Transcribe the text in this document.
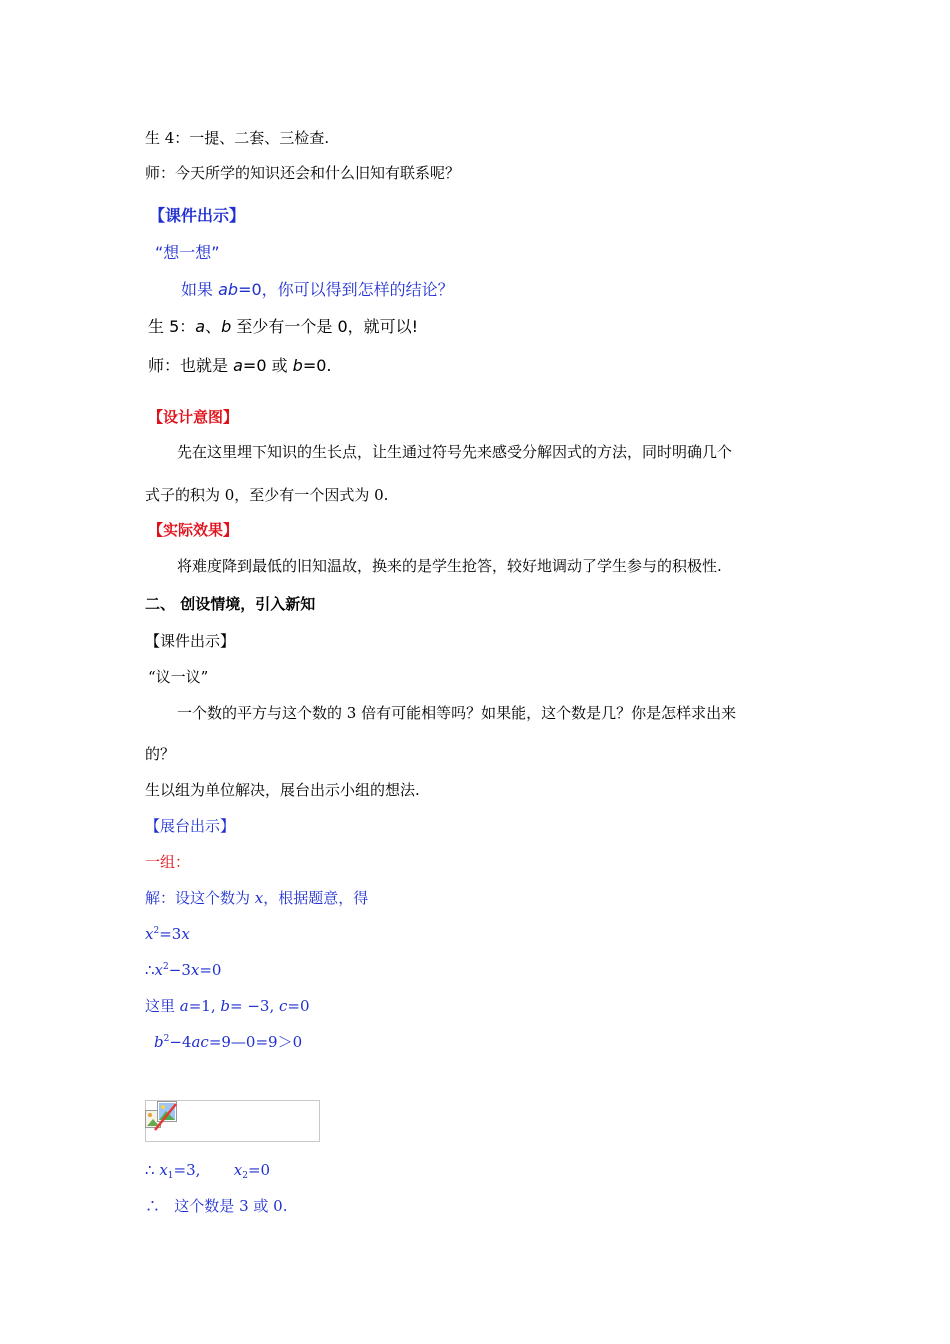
生 4：一提、二套、三检查.
师：今天所学的知识还会和什么旧知有联系呢？
【课件出示】
“想一想”
如果 ab=0，你可以得到怎样的结论？
生 5：a、b 至少有一个是 0，就可以!
师：也就是 a=0 或 b=0.
【设计意图】
先在这里埋下知识的生长点，让生通过符号先来感受分解因式的方法，同时明确几个
式子的积为 0，至少有一个因式为 0.
【实际效果】
将难度降到最低的旧知温故，换来的是学生抢答，较好地调动了学生参与的积极性.
二、 创设情境，引入新知
【课件出示】
“议一议”
一个数的平方与这个数的 3 倍有可能相等吗？如果能，这个数是几？你是怎样求出来
的？
生以组为单位解决，展台出示小组的想法.
【展台出示】
一组：
解：设这个数为 x，根据题意，得
$x^2=3x$
$\therefore x^2-3x=0$
这里 a=1, b= −3, c=0
$b^2-4ac=9—0=9>0$
∴ $x_1=3$,       $x_2=0$
∴   这个数是 3 或 0.
